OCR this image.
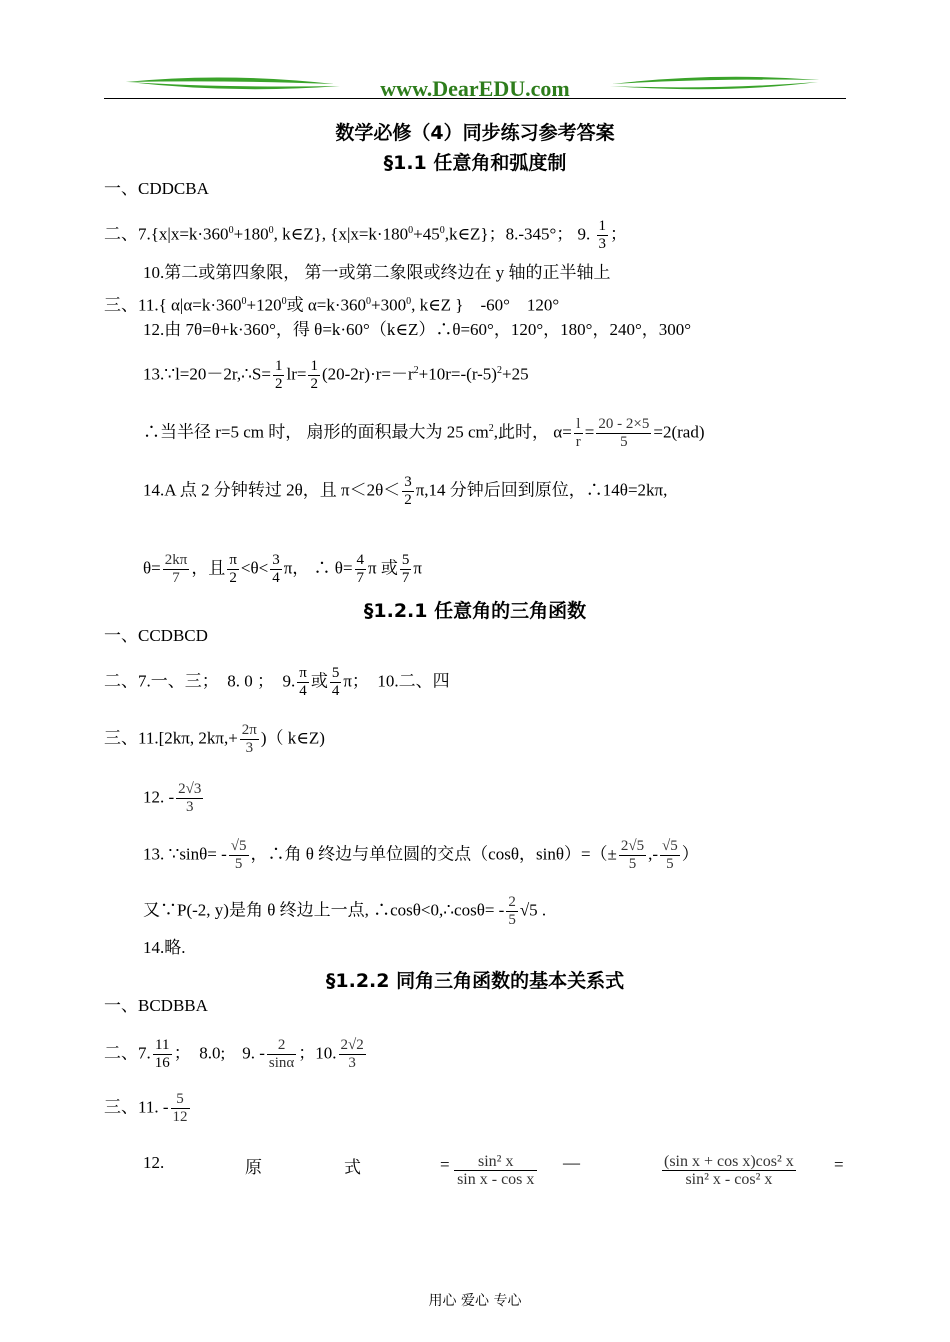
www.DearEDU.com
数学必修（4）同步练习参考答案
§1.1 任意角和弧度制
一、CDDCBA
二、$7.\{x|x=k\cdot 360^0+180^0$, k∈Z}, $\{x|x=k\cdot 180^0+45^0,k\in Z\}$；8.-345°； 9. $\frac{1}{3}$ ；
10.第二或第四象限， 第一或第二象限或终边在 y 轴的正半轴上
三、11.{ $\alpha|\alpha=k\cdot 360^0+120^0$或 $\alpha=k\cdot 360^0+300^0$, k∈Z }　-60°　120°
12.由 7θ=θ+k·360°，得 θ=k·60°（k∈Z）∴θ=60°，120°，180°，240°，300°
13.∵l=20－2r,∴S= $\frac{1}{2} lr= \frac{1}{2} (20-2r)\cdot r=-r^2+10r=-(r-5)^2+25$
∴当半径 r=5 cm 时， 扇形的面积最大为 25 $cm^2$,此时， $\alpha= \frac{l}{r} = \frac{20 - 2\times 5}{5} =2(rad)$
14.A 点 2 分钟转过 2θ，且 $\pi<2\theta< \frac{3}{2} \pi,14$ 分钟后回到原位，∴14θ=2kπ,
$\theta= \frac{2k\pi}{7}$ ，且 $\frac{\pi}{2} <\theta< \frac{3}{4}$ π， ∴ $\theta= \frac{4}{7}$ π 或 $\frac{5}{7}$ π
§1.2.1 任意角的三角函数
一、CCDBCD
二、7.一、三；　8. 0 ；　9. $\frac{\pi}{4}$ 或 $\frac{5}{4}$ π；　10.二、四
三、11.[2kπ, $2k\pi,+ \frac{2\pi}{3}$ )（ k∈Z)
12. - $\frac{2√3}{3}$
13. ∵sinθ= - $\frac{√5}{5}$ ，∴角 θ 终边与单位圆的交点（cosθ，$\sin\theta)=(\pm \frac{2√5}{5}$ ,- $\frac{√5}{5}$ ）
又∵P(-2, y)是角 θ 终边上一点, ∴cosθ<0,∴cosθ= - $\frac{2}{5} √5$ .
14.略.
§1.2.2 同角三角函数的基本关系式
一、BCDBBA
二、7. $\frac{11}{16}$ ；　8.0;　9. - $\frac{2}{\sin\alpha}$ ；10. $\frac{2√2}{3}$
三、11. - $\frac{5}{12}$
12.	原	式	= $\frac{\text{sin² x}}{\text{sin x - cos x}}$ —	$\frac{\text{(sin x + cos x)cos² x}}{\text{sin² x - cos² x}}$ =
用心 爱心 专心
